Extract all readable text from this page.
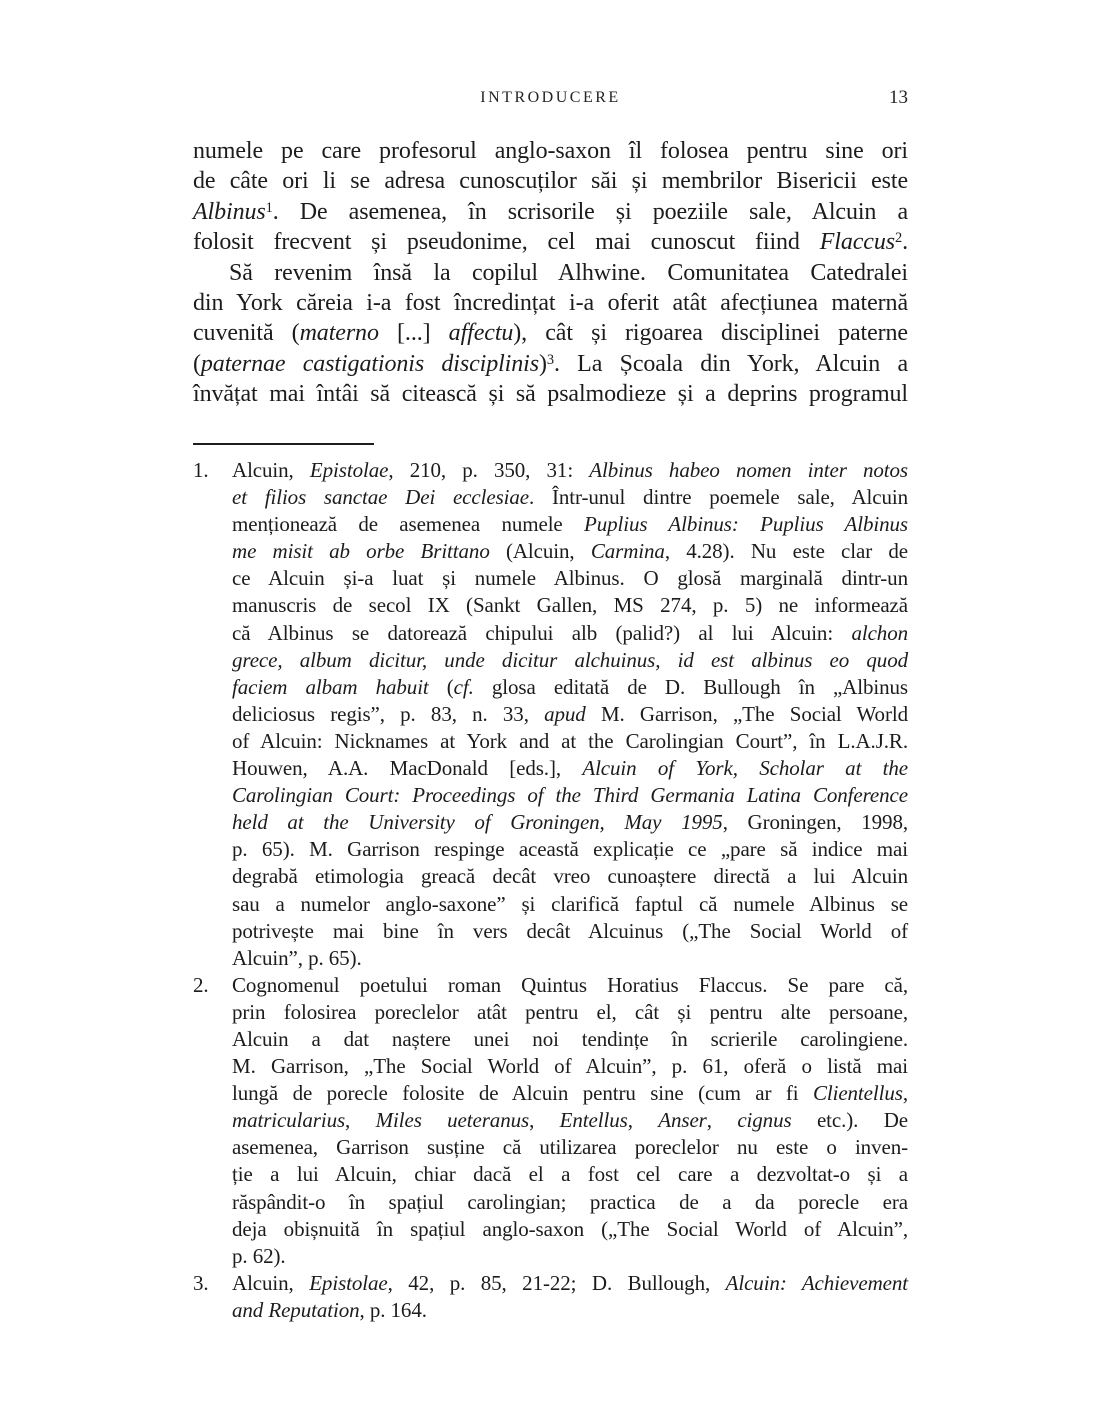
INTRODUCERE	13
numele pe care profesorul anglo-saxon îl folosea pentru sine ori
de câte ori li se adresa cunoscuților săi și membrilor Bisericii este
Albinus$^1$. De asemenea, în scrisorile și poeziile sale, Alcuin a
folosit frecvent și pseudonime, cel mai cunoscut fiind Flaccus$^2$.
Să revenim însă la copilul Alhwine. Comunitatea Catedralei
din York căreia i-a fost încredințat i-a oferit atât afecțiunea maternă
cuvenită (materno [...] affectu), cât și rigoarea disciplinei paterne
(paternae castigationis disciplinis)$^3$. La Școala din York, Alcuin a
învățat mai întâi să citească și să psalmodieze și a deprins programul
1.	Alcuin, Epistolae, 210, p. 350, 31: Albinus habeo nomen inter notos
et filios sanctae Dei ecclesiae. Într-unul dintre poemele sale, Alcuin
menționează de asemenea numele Puplius Albinus: Puplius Albinus
me misit ab orbe Brittano (Alcuin, Carmina, 4.28). Nu este clar de
ce Alcuin și-a luat și numele Albinus. O glosă marginală dintr-un
manuscris de secol IX (Sankt Gallen, MS 274, p. 5) ne informează
că Albinus se datorează chipului alb (palid?) al lui Alcuin: alchon
grece, album dicitur, unde dicitur alchuinus, id est albinus eo quod
faciem albam habuit (cf. glosa editată de D. Bullough în „Albinus
deliciosus regis”, p. 83, n. 33, apud M. Garrison, „The Social World
of Alcuin: Nicknames at York and at the Carolingian Court”, în L.A.J.R.
Houwen, A.A. MacDonald [eds.], Alcuin of York, Scholar at the
Carolingian Court: Proceedings of the Third Germania Latina Conference
held at the University of Groningen, May 1995, Groningen, 1998,
p. 65). M. Garrison respinge această explicație ce „pare să indice mai
degrabă etimologia greacă decât vreo cunoaștere directă a lui Alcuin
sau a numelor anglo-saxone” și clarifică faptul că numele Albinus se
potrivește mai bine în vers decât Alcuinus („The Social World of
Alcuin”, p. 65).
2.	Cognomenul poetului roman Quintus Horatius Flaccus. Se pare că,
prin folosirea poreclelor atât pentru el, cât și pentru alte persoane,
Alcuin a dat naștere unei noi tendințe în scrierile carolingiene.
M. Garrison, „The Social World of Alcuin”, p. 61, oferă o listă mai
lungă de porecle folosite de Alcuin pentru sine (cum ar fi Clientellus,
matricularius, Miles ueteranus, Entellus, Anser, cignus etc.). De
asemenea, Garrison susține că utilizarea poreclelor nu este o inven-
ție a lui Alcuin, chiar dacă el a fost cel care a dezvoltat-o și a
răspândit-o în spațiul carolingian; practica de a da porecle era
deja obișnuită în spațiul anglo-saxon („The Social World of Alcuin”,
p. 62).
3.	Alcuin, Epistolae, 42, p. 85, 21-22; D. Bullough, Alcuin: Achievement
and Reputation, p. 164.
